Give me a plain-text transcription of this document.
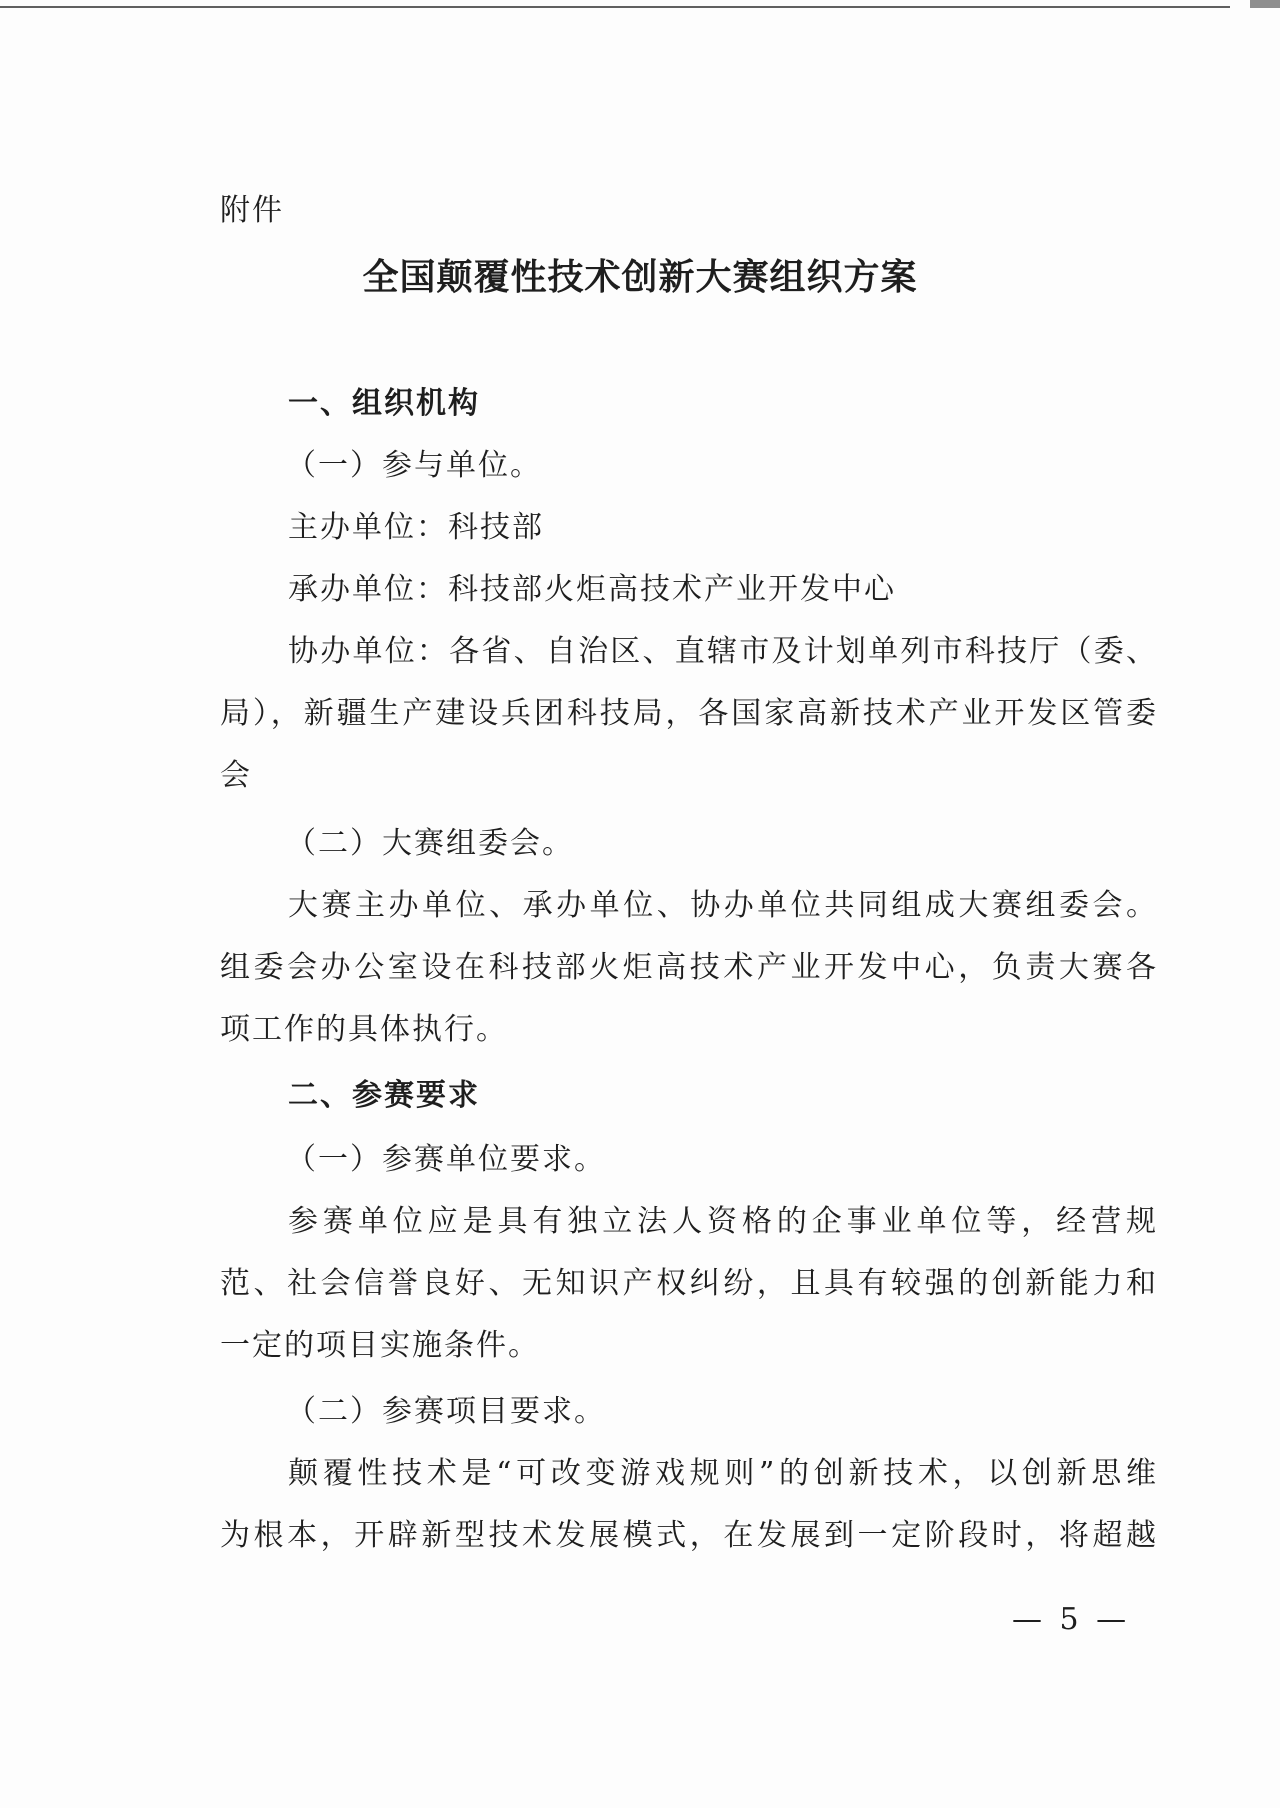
附件
全国颠覆性技术创新大赛组织方案
一、组织机构
（一）参与单位。
主办单位：科技部
承办单位：科技部火炬高技术产业开发中心
协办单位：各省、自治区、直辖市及计划单列市科技厅（委、
局），新疆生产建设兵团科技局，各国家高新技术产业开发区管委
会
（二）大赛组委会。
大赛主办单位、承办单位、协办单位共同组成大赛组委会。
组委会办公室设在科技部火炬高技术产业开发中心，负责大赛各
项工作的具体执行。
二、参赛要求
（一）参赛单位要求。
参赛单位应是具有独立法人资格的企事业单位等，经营规
范、社会信誉良好、无知识产权纠纷，且具有较强的创新能力和
一定的项目实施条件。
（二）参赛项目要求。
颠覆性技术是“可改变游戏规则”的创新技术，以创新思维
为根本，开辟新型技术发展模式，在发展到一定阶段时，将超越
— 5 —
